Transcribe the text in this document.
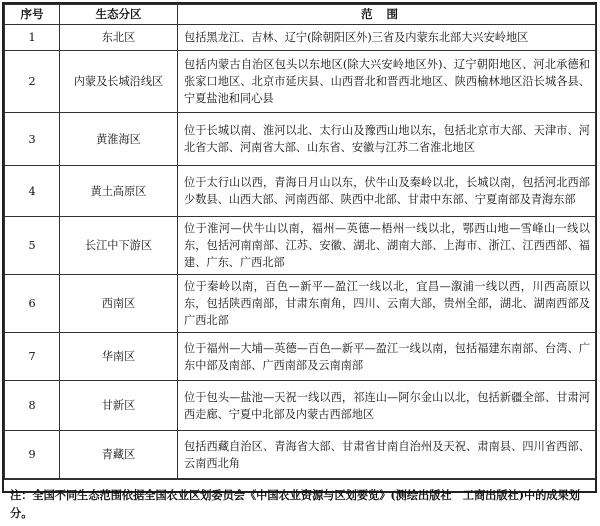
序号	生态分区	范围
1	东北区	包括黑龙江、吉林、辽宁(除朝阳区外)三省及内蒙东北部大兴安岭地区
2	内蒙及长城沿线区	包括内蒙古自治区包头以东地区(除大兴安岭地区外)、辽宁朝阳地区、河北承德和张家口地区、北京市延庆县、山西晋北和晋西北地区、陕西榆林地区沿长城各县、宁夏盐池和同心县
3	黄淮海区	位于长城以南、淮河以北、太行山及豫西山地以东，包括北京市大部、天津市、河北省大部、河南省大部、山东省、安徽与江苏二省淮北地区
4	黄土高原区	位于太行山以西，青海日月山以东，伏牛山及秦岭以北，长城以南，包括河北西部少数县、山西大部、河南西部、陕西中北部、甘肃中东部、宁夏南部及青海东部
5	长江中下游区	位于淮河—伏牛山以南，福州—英德—梧州一线以北，鄂西山地—雪峰山一线以东，包括河南南部、江苏、安徽、湖北、湖南大部、上海市、浙江、江西西部、福建、广东、广西北部
6	西南区	位于秦岭以南，百色—新平—盈江一线以北，宜昌—溆浦一线以西，川西高原以东，包括陕西南部，甘肃东南角，四川、云南大部，贵州全部，湖北、湖南西部及广西北部
7	华南区	位于福州—大埔—英德—百色—新平—盈江一线以南，包括福建东南部、台湾、广东中部及南部、广西南部及云南南部
8	甘新区	位于包头—盐池—天祝一线以西，祁连山—阿尔金山以北，包括新疆全部、甘肃河西走廊、宁夏中北部及内蒙古西部地区
9	青藏区	包括西藏自治区、青海省大部、甘肃省甘南自治州及天祝、肃南县、四川省西部、云南西北角
注：全国不同生态范围依据全国农业区划委员会《中国农业资源与区划要览》(测绘出版社　工商出版社)中的成果划分。
